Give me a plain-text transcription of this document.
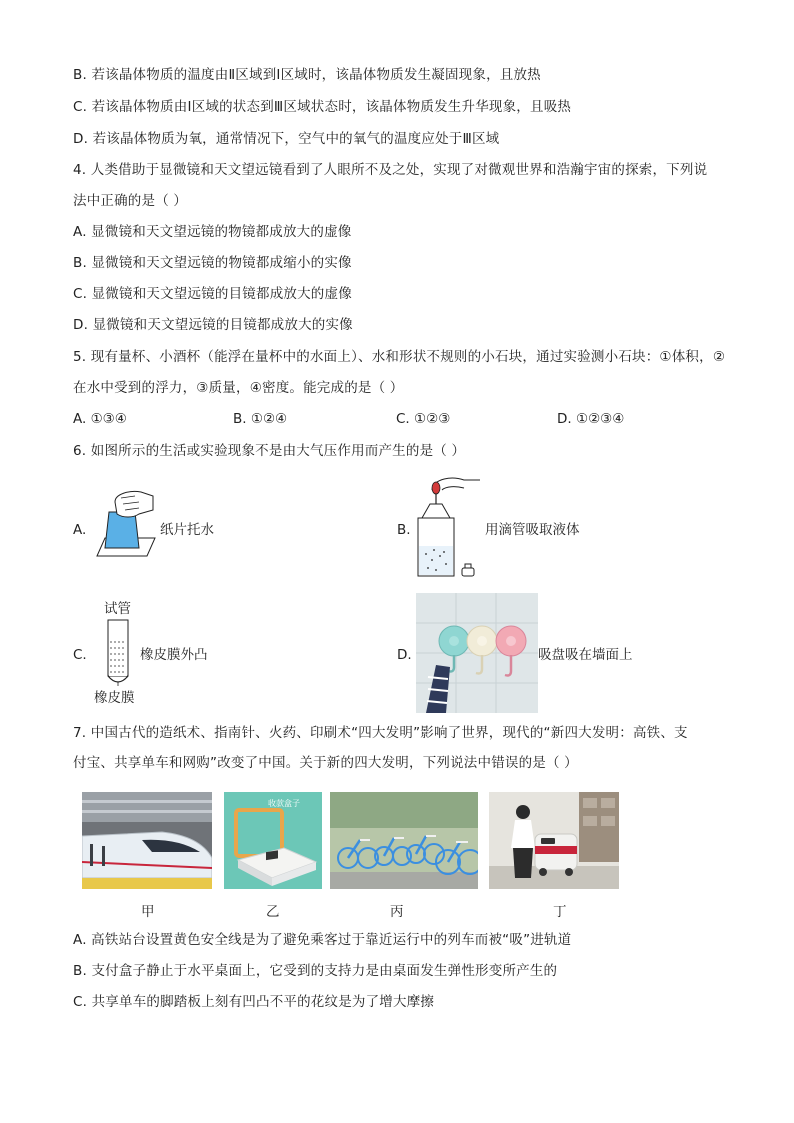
B. 若该晶体物质的温度由Ⅱ区域到Ⅰ区域时，该晶体物质发生凝固现象，且放热
C. 若该晶体物质由Ⅰ区域的状态到Ⅲ区域状态时，该晶体物质发生升华现象，且吸热
D. 若该晶体物质为氧，通常情况下，空气中的氧气的温度应处于Ⅲ区域
4. 人类借助于显微镜和天文望远镜看到了人眼所不及之处，实现了对微观世界和浩瀚宇宙的探索，下列说
法中正确的是（ ）
A. 显微镜和天文望远镜的物镜都成放大的虚像
B. 显微镜和天文望远镜的物镜都成缩小的实像
C. 显微镜和天文望远镜的目镜都成放大的虚像
D. 显微镜和天文望远镜的目镜都成放大的实像
5. 现有量杯、小酒杯（能浮在量杯中的水面上）、水和形状不规则的小石块，通过实验测小石块：①体积，②
在水中受到的浮力，③质量，④密度。能完成的是（ ）
A. ①③④	B. ①②④	C. ①②③	D. ①②③④
6. 如图所示的生活或实验现象不是由大气压作用而产生的是（ ）
A.	纸片托水	B.	用滴管吸取液体
试管
C.	橡皮膜外凸
橡皮膜
D.	吸盘吸在墙面上
7. 中国古代的造纸术、指南针、火药、印刷术“四大发明”影响了世界，现代的“新四大发明：高铁、支
付宝、共享单车和网购”改变了中国。关于新的四大发明，下列说法中错误的是（ ）
收款盒子
甲	乙	丙	丁
A. 高铁站台设置黄色安全线是为了避免乘客过于靠近运行中的列车而被“吸”进轨道
B. 支付盒子静止于水平桌面上，它受到的支持力是由桌面发生弹性形变所产生的
C. 共享单车的脚踏板上刻有凹凸不平的花纹是为了增大摩擦
